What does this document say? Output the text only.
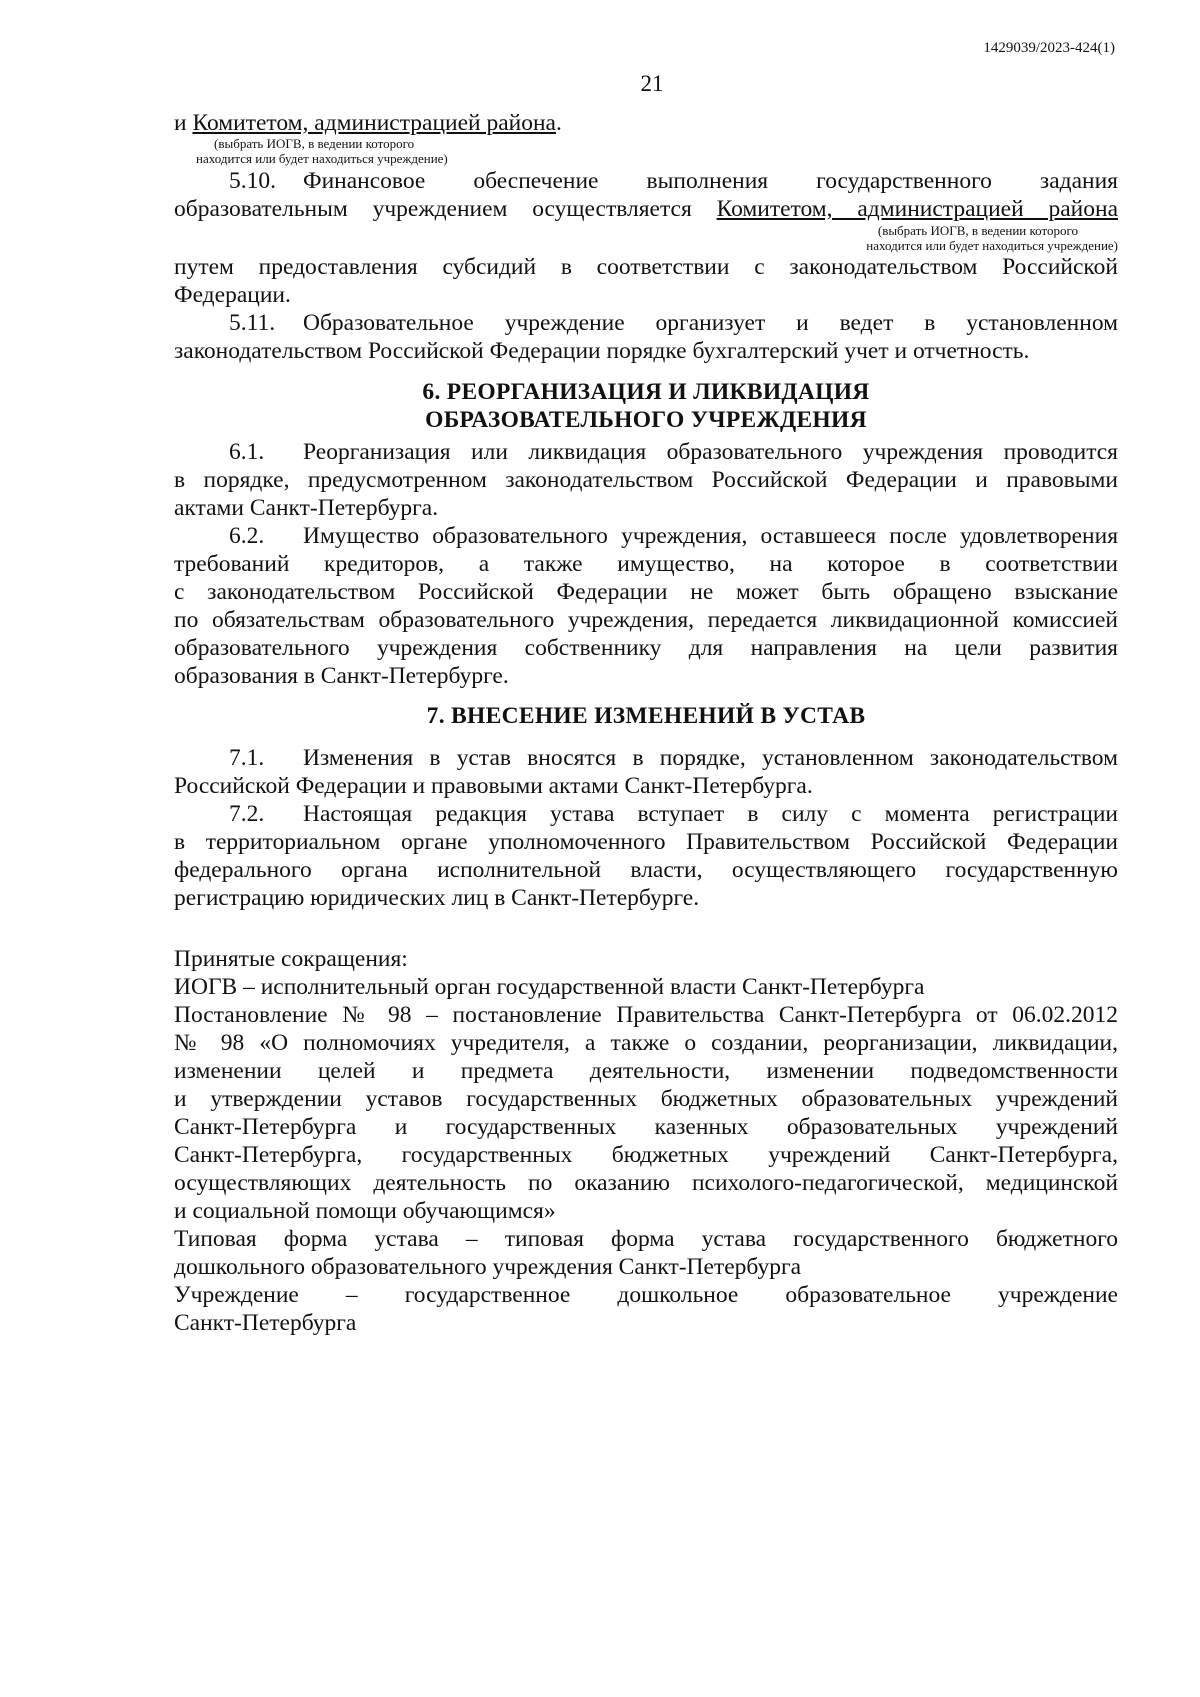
1429039/2023-424(1)
21

и Комитетом, администрацией района.

(выбрать ИОГВ, в ведении которого
находится или будет находиться учреждение)

5.10. Финансовое обеспечение выполнения государственного задания

образовательным учреждением осуществляется Комитетом, администрацией района

(выбрать ИОГВ, в ведении которого
находится или будет находиться учреждение)

путем предоставления субсидий в соответствии с законодательством Российской

Федерации.

5.11. Образовательное учреждение организует и ведет в установленном

законодательством Российской Федерации порядке бухгалтерский учет и отчетность.

6. РЕОРГАНИЗАЦИЯ И ЛИКВИДАЦИЯ
ОБРАЗОВАТЕЛЬНОГО УЧРЕЖДЕНИЯ

6.1. Реорганизация или ликвидация образовательного учреждения проводится

в порядке, предусмотренном законодательством Российской Федерации и правовыми

актами Санкт-Петербурга.

6.2. Имущество образовательного учреждения, оставшееся после удовлетворения

требований кредиторов, а также имущество, на которое в соответствии

с законодательством Российской Федерации не может быть обращено взыскание

по обязательствам образовательного учреждения, передается ликвидационной комиссией

образовательного учреждения собственнику для направления на цели развития

образования в Санкт-Петербурге.

7. ВНЕСЕНИЕ ИЗМЕНЕНИЙ В УСТАВ

7.1. Изменения в устав вносятся в порядке, установленном законодательством

Российской Федерации и правовыми актами Санкт-Петербурга.

7.2. Настоящая редакция устава вступает в силу с момента регистрации

в территориальном органе уполномоченного Правительством Российской Федерации

федерального органа исполнительной власти, осуществляющего государственную

регистрацию юридических лиц в Санкт-Петербурге.

Принятые сокращения:

ИОГВ – исполнительный орган государственной власти Санкт-Петербурга

Постановление № 98 – постановление Правительства Санкт-Петербурга от 06.02.2012

№ 98 «О полномочиях учредителя, а также о создании, реорганизации, ликвидации,

изменении целей и предмета деятельности, изменении подведомственности

и утверждении уставов государственных бюджетных образовательных учреждений

Санкт-Петербурга и государственных казенных образовательных учреждений

Санкт-Петербурга, государственных бюджетных учреждений Санкт-Петербурга,

осуществляющих деятельность по оказанию психолого-педагогической, медицинской

и социальной помощи обучающимся»

Типовая форма устава – типовая форма устава государственного бюджетного

дошкольного образовательного учреждения Санкт-Петербурга

Учреждение – государственное дошкольное образовательное учреждение

Санкт-Петербурга
